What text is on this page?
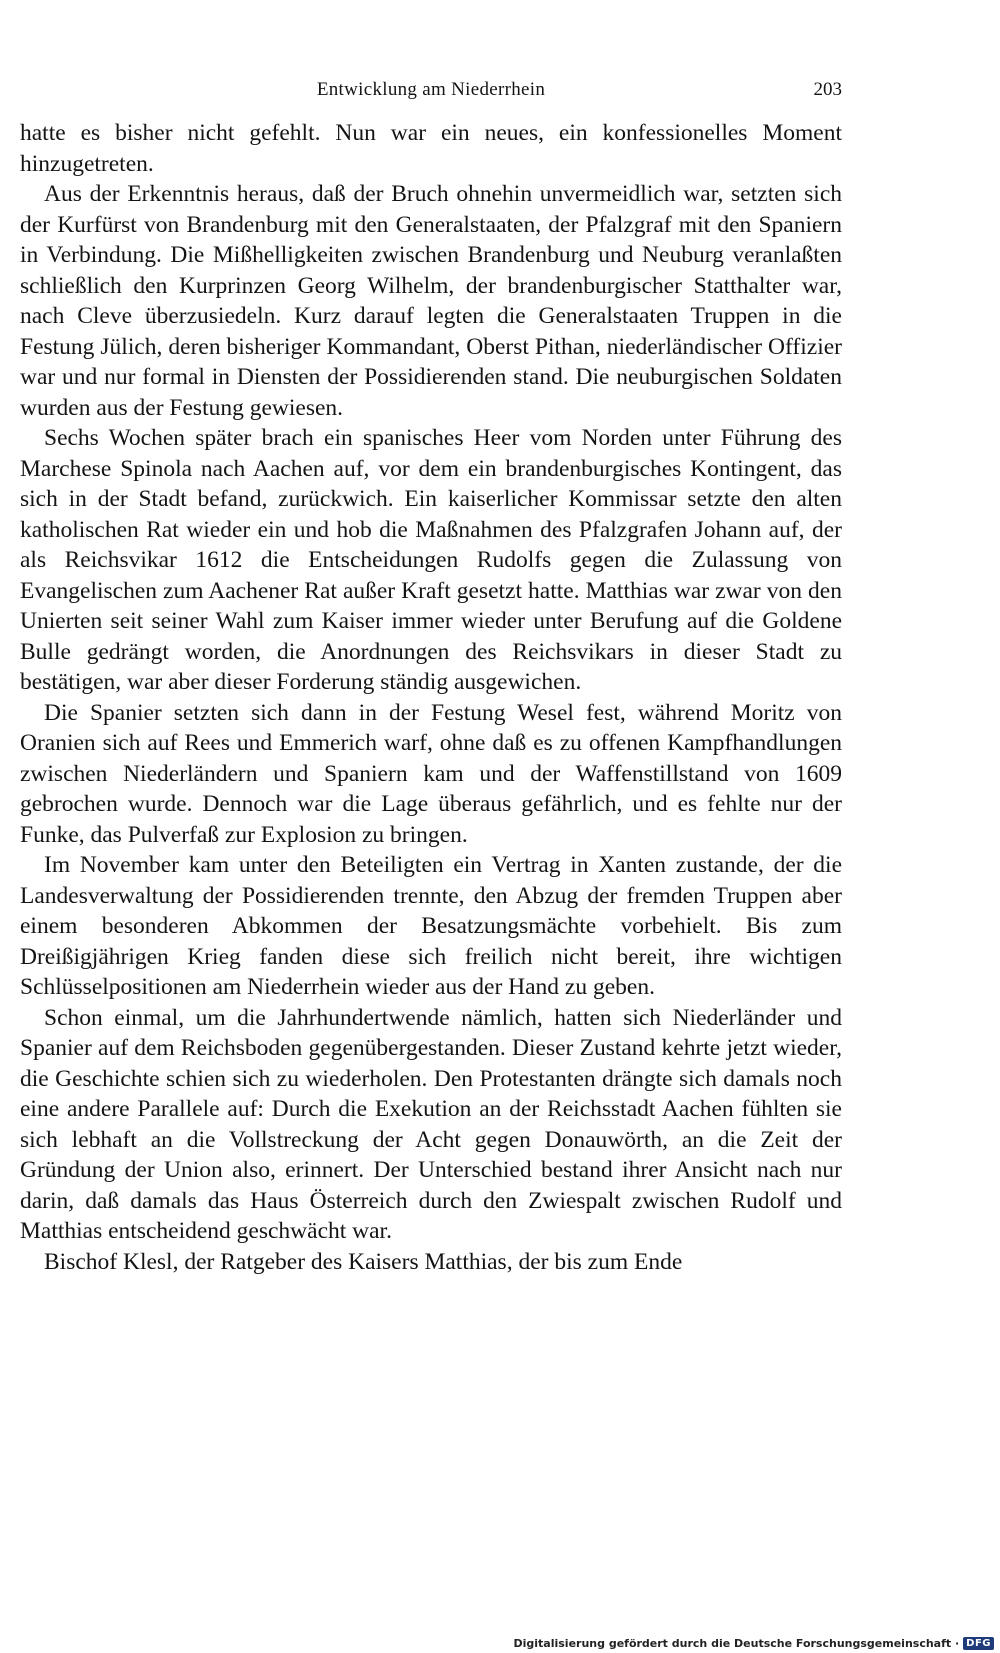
Entwicklung am Niederrhein	203

hatte es bisher nicht gefehlt. Nun war ein neues, ein konfessionelles Moment hinzugetreten.

Aus der Erkenntnis heraus, daß der Bruch ohnehin unvermeidlich war, setzten sich der Kurfürst von Brandenburg mit den Generalstaaten, der Pfalzgraf mit den Spaniern in Verbindung. Die Mißhelligkeiten zwischen Brandenburg und Neuburg veranlaßten schließlich den Kurprinzen Georg Wilhelm, der brandenburgischer Statthalter war, nach Cleve überzusiedeln. Kurz darauf legten die Generalstaaten Truppen in die Festung Jülich, deren bisheriger Kommandant, Oberst Pithan, niederländischer Offizier war und nur formal in Diensten der Possidierenden stand. Die neuburgischen Soldaten wurden aus der Festung gewiesen.

Sechs Wochen später brach ein spanisches Heer vom Norden unter Führung des Marchese Spinola nach Aachen auf, vor dem ein brandenburgisches Kontingent, das sich in der Stadt befand, zurückwich. Ein kaiserlicher Kommissar setzte den alten katholischen Rat wieder ein und hob die Maßnahmen des Pfalzgrafen Johann auf, der als Reichsvikar 1612 die Entscheidungen Rudolfs gegen die Zulassung von Evangelischen zum Aachener Rat außer Kraft gesetzt hatte. Matthias war zwar von den Unierten seit seiner Wahl zum Kaiser immer wieder unter Berufung auf die Goldene Bulle gedrängt worden, die Anordnungen des Reichsvikars in dieser Stadt zu bestätigen, war aber dieser Forderung ständig ausgewichen.

Die Spanier setzten sich dann in der Festung Wesel fest, während Moritz von Oranien sich auf Rees und Emmerich warf, ohne daß es zu offenen Kampfhandlungen zwischen Niederländern und Spaniern kam und der Waffenstillstand von 1609 gebrochen wurde. Dennoch war die Lage überaus gefährlich, und es fehlte nur der Funke, das Pulverfaß zur Explosion zu bringen.

Im November kam unter den Beteiligten ein Vertrag in Xanten zustande, der die Landesverwaltung der Possidierenden trennte, den Abzug der fremden Truppen aber einem besonderen Abkommen der Besatzungsmächte vorbehielt. Bis zum Dreißigjährigen Krieg fanden diese sich freilich nicht bereit, ihre wichtigen Schlüsselpositionen am Niederrhein wieder aus der Hand zu geben.

Schon einmal, um die Jahrhundertwende nämlich, hatten sich Niederländer und Spanier auf dem Reichsboden gegenübergestanden. Dieser Zustand kehrte jetzt wieder, die Geschichte schien sich zu wiederholen. Den Protestanten drängte sich damals noch eine andere Parallele auf: Durch die Exekution an der Reichsstadt Aachen fühlten sie sich lebhaft an die Vollstreckung der Acht gegen Donauwörth, an die Zeit der Gründung der Union also, erinnert. Der Unterschied bestand ihrer Ansicht nach nur darin, daß damals das Haus Österreich durch den Zwiespalt zwischen Rudolf und Matthias entscheidend geschwächt war.

Bischof Klesl, der Ratgeber des Kaisers Matthias, der bis zum Ende

Digitalisierung gefördert durch die Deutsche Forschungsgemeinschaft · DFG
